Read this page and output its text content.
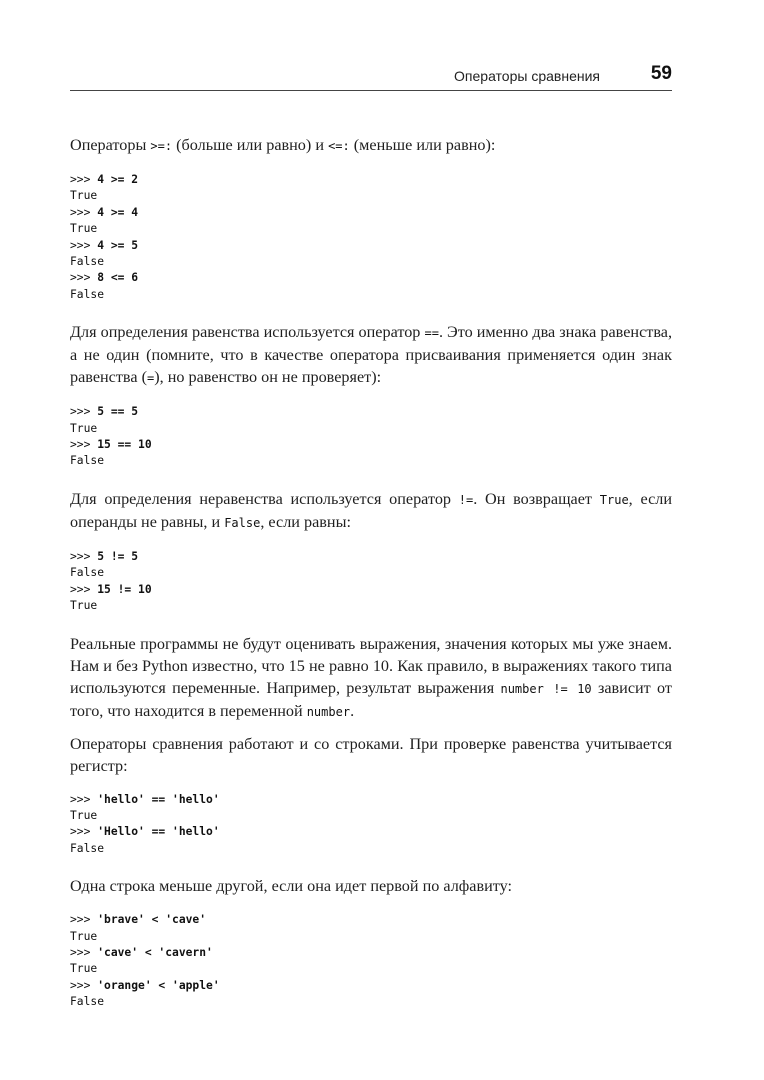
Операторы сравнения	59

Операторы >=: (больше или равно) и <=: (меньше или равно):

>>> 4 >= 2
True
>>> 4 >= 4
True
>>> 4 >= 5
False
>>> 8 <= 6
False

Для определения равенства используется оператор ==. Это именно два знака равенства, а не один (помните, что в качестве оператора присваивания применяется один знак равенства (=), но равенство он не проверяет):

>>> 5 == 5
True
>>> 15 == 10
False

Для определения неравенства используется оператор !=. Он возвращает True, если операнды не равны, и False, если равны:

>>> 5 != 5
False
>>> 15 != 10
True

Реальные программы не будут оценивать выражения, значения которых мы уже знаем. Нам и без Python известно, что 15 не равно 10. Как правило, в выражениях такого типа используются переменные. Например, результат выражения number != 10 зависит от того, что находится в переменной number.

Операторы сравнения работают и со строками. При проверке равенства учитывается регистр:

>>> 'hello' == 'hello'
True
>>> 'Hello' == 'hello'
False

Одна строка меньше другой, если она идет первой по алфавиту:

>>> 'brave' < 'cave'
True
>>> 'cave' < 'cavern'
True
>>> 'orange' < 'apple'
False
